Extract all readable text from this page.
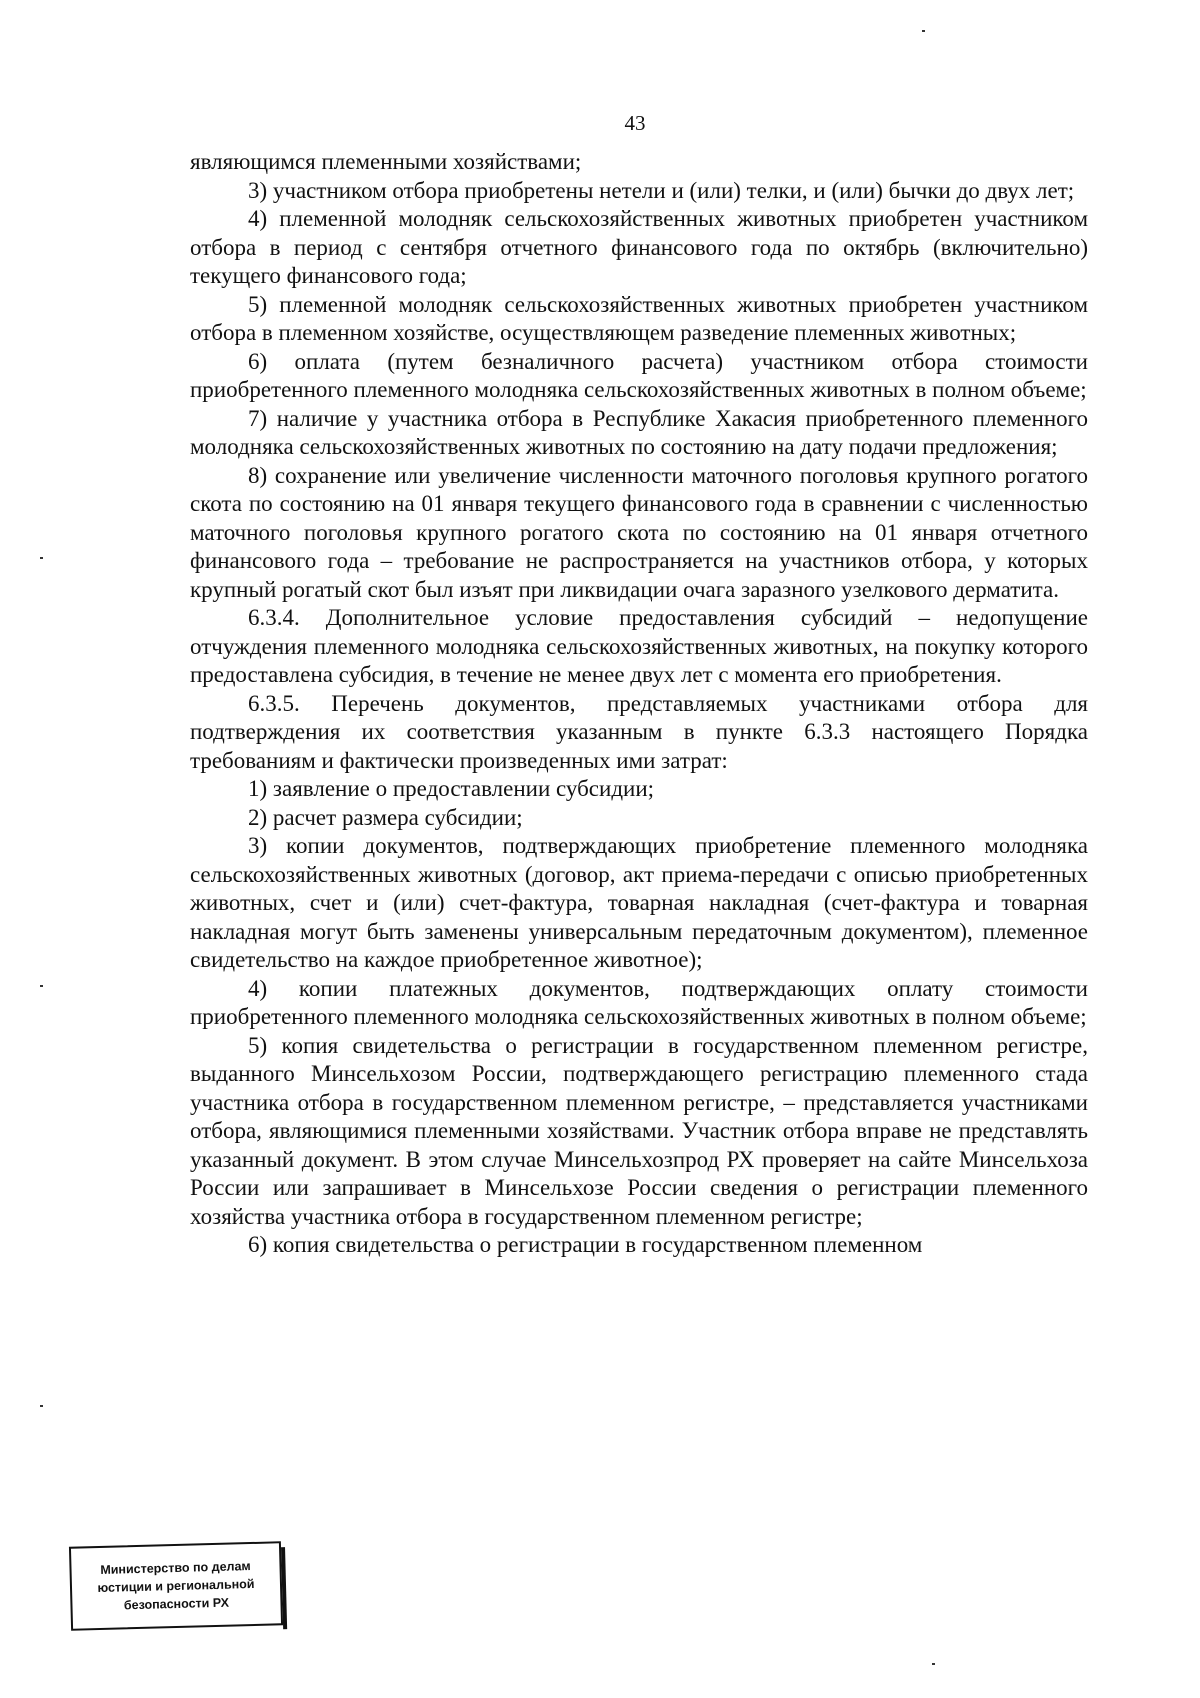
43

являющимся племенными хозяйствами;

3) участником отбора приобретены нетели и (или) телки, и (или) бычки до двух лет;

4) племенной молодняк сельскохозяйственных животных приобретен участником отбора в период с сентября отчетного финансового года по октябрь (включительно) текущего финансового года;

5) племенной молодняк сельскохозяйственных животных приобретен участником отбора в племенном хозяйстве, осуществляющем разведение племенных животных;

6) оплата (путем безналичного расчета) участником отбора стоимости приобретенного племенного молодняка сельскохозяйственных животных в полном объеме;

7) наличие у участника отбора в Республике Хакасия приобретенного племенного молодняка сельскохозяйственных животных по состоянию на дату подачи предложения;

8) сохранение или увеличение численности маточного поголовья крупного рогатого скота по состоянию на 01 января текущего финансового года в сравнении с численностью маточного поголовья крупного рогатого скота по состоянию на 01 января отчетного финансового года – требование не распространяется на участников отбора, у которых крупный рогатый скот был изъят при ликвидации очага заразного узелкового дерматита.

6.3.4. Дополнительное условие предоставления субсидий – недопущение отчуждения племенного молодняка сельскохозяйственных животных, на покупку которого предоставлена субсидия, в течение не менее двух лет с момента его приобретения.

6.3.5. Перечень документов, представляемых участниками отбора для подтверждения их соответствия указанным в пункте 6.3.3 настоящего Порядка требованиям и фактически произведенных ими затрат:

1) заявление о предоставлении субсидии;

2) расчет размера субсидии;

3) копии документов, подтверждающих приобретение племенного молодняка сельскохозяйственных животных (договор, акт приема-передачи с описью приобретенных животных, счет и (или) счет-фактура, товарная накладная (счет-фактура и товарная накладная могут быть заменены универсальным передаточным документом), племенное свидетельство на каждое приобретенное животное);

4) копии платежных документов, подтверждающих оплату стоимости приобретенного племенного молодняка сельскохозяйственных животных в полном объеме;

5) копия свидетельства о регистрации в государственном племенном регистре, выданного Минсельхозом России, подтверждающего регистрацию племенного стада участника отбора в государственном племенном регистре, – представляется участниками отбора, являющимися племенными хозяйствами. Участник отбора вправе не представлять указанный документ. В этом случае Минсельхозпрод РХ проверяет на сайте Минсельхоза России или запрашивает в Минсельхозе России сведения о регистрации племенного хозяйства участника отбора в государственном племенном регистре;

6) копия свидетельства о регистрации в государственном племенном

Министерство по делам
юстиции и региональной
безопасности РХ
